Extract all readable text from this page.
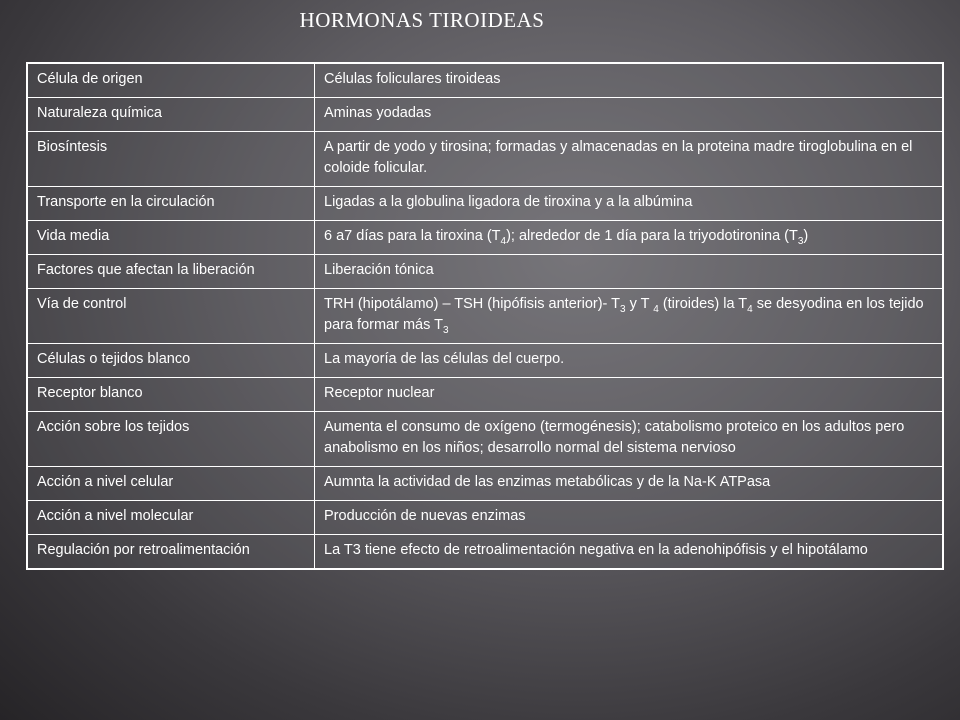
HORMONAS TIROIDEAS
Célula de origen	Células foliculares tiroideas
Naturaleza química	Aminas yodadas
Biosíntesis	A partir de yodo y tirosina; formadas y almacenadas en la proteina madre tiroglobulina en el coloide folicular.
Transporte en la circulación	Ligadas a la globulina ligadora de tiroxina y a la albúmina
Vida media	6 a7 días para la tiroxina $(T_4)$; alrededor de 1 día para la triyodotironina $(T_3)$
Factores que afectan la liberación	Liberación tónica
Vía de control	TRH (hipotálamo) – TSH (hipófisis anterior)- $T_3$ y T $_4$ (tiroides) la $T_4$ se desyodina en los tejido para formar más $T_3$
Células o tejidos blanco	La mayoría de las células del cuerpo.
Receptor blanco	Receptor nuclear
Acción sobre los tejidos	Aumenta el consumo de oxígeno (termogénesis); catabolismo proteico en los adultos pero anabolismo en los niños; desarrollo normal del sistema nervioso
Acción a nivel celular	Aumnta la actividad de las enzimas metabólicas y de la Na-K ATPasa
Acción a nivel molecular	Producción de nuevas enzimas
Regulación por retroalimentación	La T3 tiene efecto de retroalimentación negativa en la adenohipófisis y el hipotálamo
